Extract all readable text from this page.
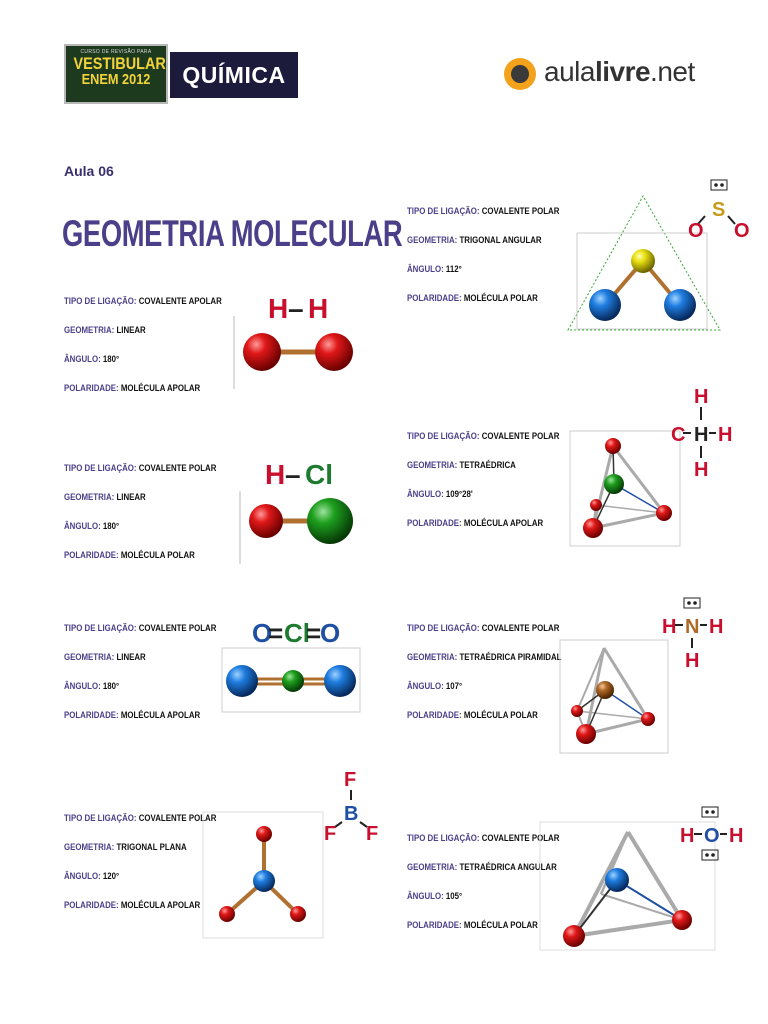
CURSO DE REVISÃO PARA
VESTIBULAR
ENEM 2012	QUÍMICA	aulalivre.net
Aula 06
GEOMETRIA MOLECULAR
TIPO DE LIGAÇÃO: COVALENTE APOLAR
GEOMETRIA: LINEAR
ÂNGULO: 180°
POLARIDADE: MOLÉCULA APOLAR
TIPO DE LIGAÇÃO: COVALENTE POLAR
GEOMETRIA: TRIGONAL ANGULAR
ÂNGULO: 112°
POLARIDADE: MOLÉCULA POLAR
TIPO DE LIGAÇÃO: COVALENTE POLAR
GEOMETRIA: TETRAÉDRICA
ÂNGULO: 109°28'
POLARIDADE: MOLÉCULA APOLAR
TIPO DE LIGAÇÃO: COVALENTE POLAR
GEOMETRIA: LINEAR
ÂNGULO: 180°
POLARIDADE: MOLÉCULA POLAR
TIPO DE LIGAÇÃO: COVALENTE POLAR
GEOMETRIA: LINEAR
ÂNGULO: 180°
POLARIDADE: MOLÉCULA APOLAR
TIPO DE LIGAÇÃO: COVALENTE POLAR
GEOMETRIA: TETRAÉDRICA PIRAMIDAL
ÂNGULO: 107°
POLARIDADE: MOLÉCULA POLAR
TIPO DE LIGAÇÃO: COVALENTE POLAR
GEOMETRIA: TRIGONAL PLANA
ÂNGULO: 120°
POLARIDADE: MOLÉCULA APOLAR
TIPO DE LIGAÇÃO: COVALENTE POLAR
GEOMETRIA: TETRAÉDRICA ANGULAR
ÂNGULO: 105°
POLARIDADE: MOLÉCULA POLAR
H – H
S
O O
H
C H H
H
H – Cl
O
= Cl
=
O	H N H
H
F
B
F F	H O H
